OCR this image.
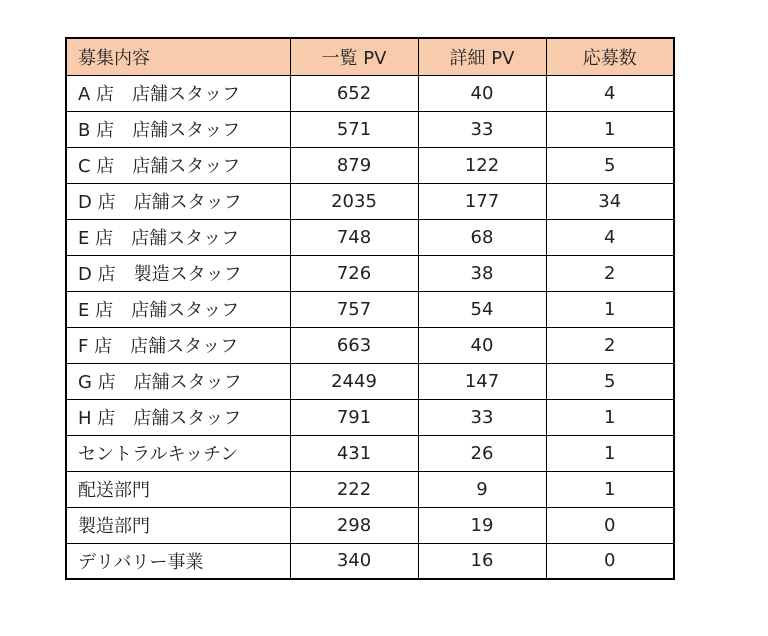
募集内容	一覧 PV	詳細 PV	応募数
A 店　店舗スタッフ	652	40	4
B 店　店舗スタッフ	571	33	1
C 店　店舗スタッフ	879	122	5
D 店　店舗スタッフ	2035	177	34
E 店　店舗スタッフ	748	68	4
D 店　製造スタッフ	726	38	2
E 店　店舗スタッフ	757	54	1
F 店　店舗スタッフ	663	40	2
G 店　店舗スタッフ	2449	147	5
H 店　店舗スタッフ	791	33	1
セントラルキッチン	431	26	1
配送部門	222	9	1
製造部門	298	19	0
デリバリー事業	340	16	0
